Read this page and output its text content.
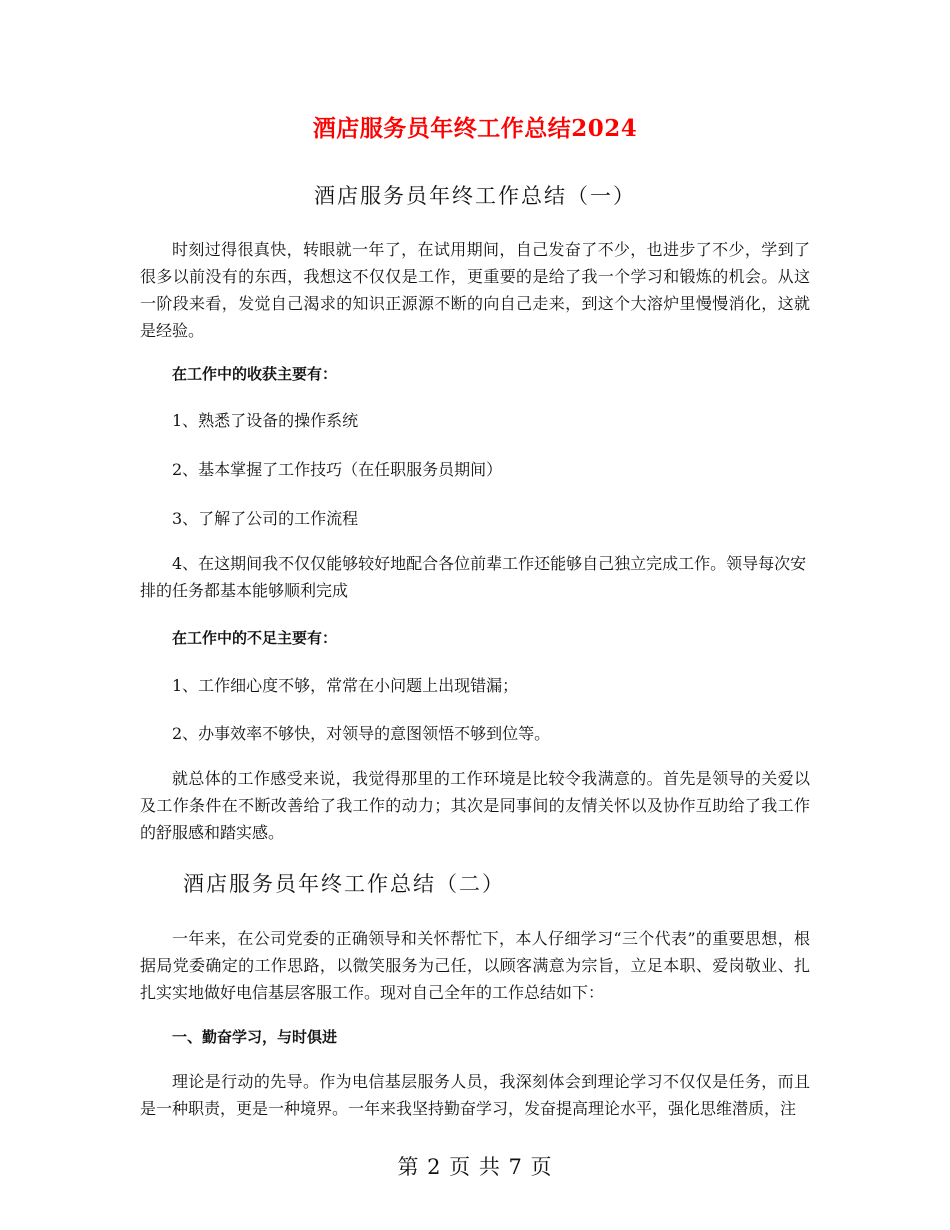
酒店服务员年终工作总结2024
酒店服务员年终工作总结（一）

时刻过得很真快，转眼就一年了，在试用期间，自己发奋了不少，也进步了不少，学到了很多以前没有的东西，我想这不仅仅是工作，更重要的是给了我一个学习和锻炼的机会。从这一阶段来看，发觉自己渴求的知识正源源不断的向自己走来，到这个大溶炉里慢慢消化，这就是经验。

在工作中的收获主要有：

1、熟悉了设备的操作系统

2、基本掌握了工作技巧（在任职服务员期间）

3、了解了公司的工作流程

4、在这期间我不仅仅能够较好地配合各位前辈工作还能够自己独立完成工作。领导每次安排的任务都基本能够顺利完成

在工作中的不足主要有：

1、工作细心度不够，常常在小问题上出现错漏；

2、办事效率不够快，对领导的意图领悟不够到位等。

就总体的工作感受来说，我觉得那里的工作环境是比较令我满意的。首先是领导的关爱以及工作条件在不断改善给了我工作的动力；其次是同事间的友情关怀以及协作互助给了我工作的舒服感和踏实感。

酒店服务员年终工作总结（二）

一年来，在公司党委的正确领导和关怀帮忙下，本人仔细学习“三个代表”的重要思想，根据局党委确定的工作思路，以微笑服务为己任，以顾客满意为宗旨，立足本职、爱岗敬业、扎扎实实地做好电信基层客服工作。现对自己全年的工作总结如下：

一、勤奋学习，与时俱进

理论是行动的先导。作为电信基层服务人员，我深刻体会到理论学习不仅仅是任务，而且是一种职责，更是一种境界。一年来我坚持勤奋学习，发奋提高理论水平，强化思维潜质，注

第 2 页 共 7 页
